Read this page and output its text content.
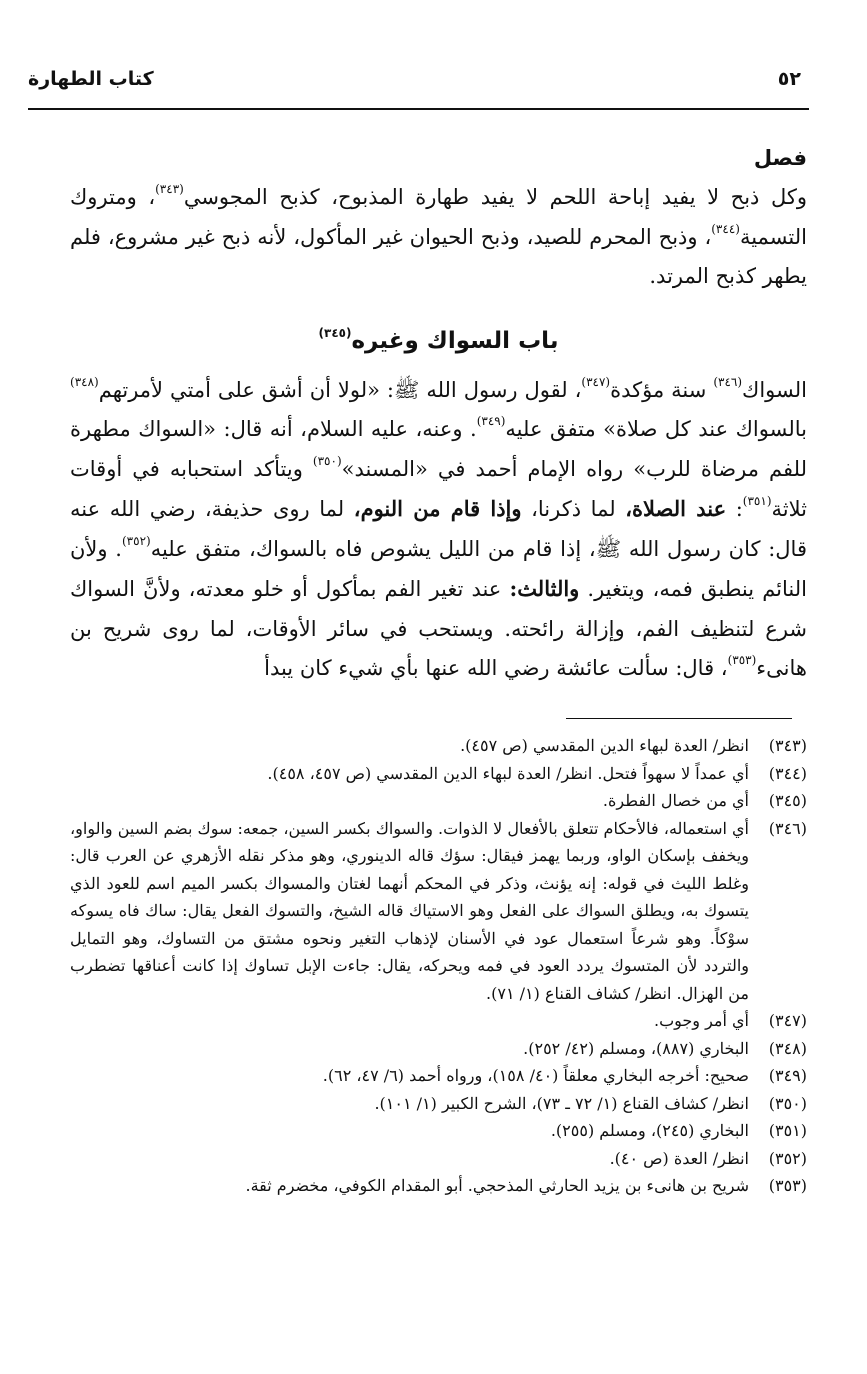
كتاب الطهارة	٥٢
فصل

وكل ذبح لا يفيد إباحة اللحم لا يفيد طهارة المذبوح، كذبح المجوسي$^{(٣٤٣)}$، ومتروك التسمية$^{(٣٤٤)}$، وذبح المحرم للصيد، وذبح الحيوان غير المأكول، لأنه ذبح غير مشروع، فلم يطهر كذبح المرتد.

باب السواك وغيره$^{(٣٤٥)}$

السواك$^{(٣٤٦)}$ سنة مؤكدة$^{(٣٤٧)}$، لقول رسول الله ﷺ: «لولا أن أشق على أمتي لأمرتهم$^{(٣٤٨)}$ بالسواك عند كل صلاة» متفق عليه$^{(٣٤٩)}$. وعنه، عليه السلام، أنه قال: «السواك مطهرة للفم مرضاة للرب» رواه الإمام أحمد في «المسند»$^{(٣٥٠)}$ ويتأكد استحبابه في أوقات ثلاثة$^{(٣٥١)}$: عند الصلاة، لما ذكرنا، وإذا قام من النوم، لما روى حذيفة، رضي الله عنه قال: كان رسول الله ﷺ، إذا قام من الليل يشوص فاه بالسواك، متفق عليه$^{(٣٥٢)}$. ولأن النائم ينطبق فمه، ويتغير. والثالث: عند تغير الفم بمأكول أو خلو معدته، ولأنَّ السواك شرع لتنظيف الفم، وإزالة رائحته. ويستحب في سائر الأوقات، لما روى شريح بن هانىء$^{(٣٥٣)}$، قال: سألت عائشة رضي الله عنها بأي شيء كان يبدأ

(٣٤٣)
انظر/ العدة لبهاء الدين المقدسي (ص ٤٥٧).
(٣٤٤)
أي عمداً لا سهواً فتحل. انظر/ العدة لبهاء الدين المقدسي (ص ٤٥٧، ٤٥٨).
(٣٤٥)
أي من خصال الفطرة.
(٣٤٦)
أي استعماله، فالأحكام تتعلق بالأفعال لا الذوات. والسواك بكسر السين، جمعه: سوك بضم السين والواو، ويخفف بإسكان الواو، وربما يهمز فيقال: سؤك قاله الدينوري، وهو مذكر نقله الأزهري عن العرب قال: وغلط الليث في قوله: إنه يؤنث، وذكر في المحكم أنهما لغتان والمسواك بكسر الميم اسم للعود الذي يتسوك به، ويطلق السواك على الفعل وهو الاستياك قاله الشيخ، والتسوك الفعل يقال: ساك فاه يسوكه سوْكاً. وهو شرعاً استعمال عود في الأسنان لإذهاب التغير ونحوه مشتق من التساوك، وهو التمايل والتردد لأن المتسوك يردد العود في فمه ويحركه، يقال: جاءت الإبل تساوك إذا كانت أعناقها تضطرب من الهزال. انظر/ كشاف القناع (١/ ٧١).
(٣٤٧)
أي أمر وجوب.
(٣٤٨)
البخاري (٨٨٧)، ومسلم (٤٢/ ٢٥٢).
(٣٤٩)
صحيح: أخرجه البخاري معلقاً (٤٠/ ١٥٨)، ورواه أحمد (٦/ ٤٧، ٦٢).
(٣٥٠)
انظر/ كشاف القناع (١/ ٧٢ ـ ٧٣)، الشرح الكبير (١/ ١٠١).
(٣٥١)
البخاري (٢٤٥)، ومسلم (٢٥٥).
(٣٥٢)
انظر/ العدة (ص ٤٠).
(٣٥٣)
شريح بن هانىء بن يزيد الحارثي المذحجي. أبو المقدام الكوفي، مخضرم ثقة.
